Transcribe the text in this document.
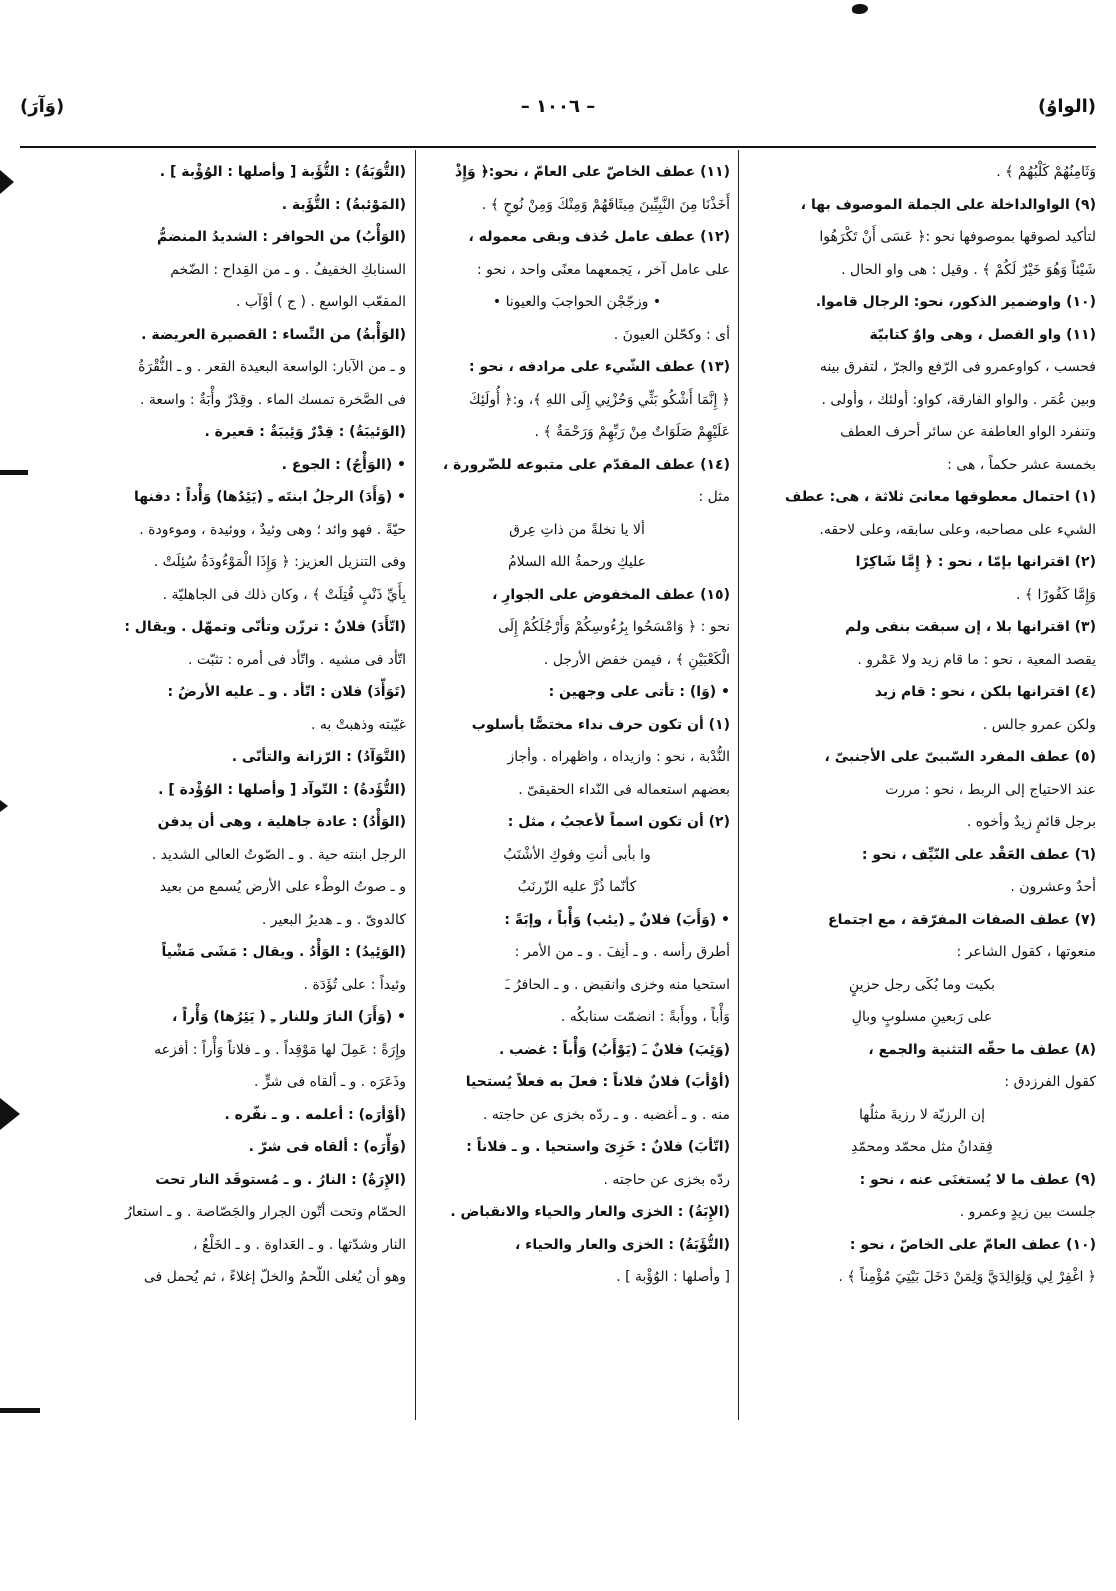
(الواوُ)
– ١٠٠٦ –
(وَآرَ)

وَثَامِنُهُمْ كَلْبُهُمْ ﴾ .

(٩) الواوالداخلة على الجملة الموصوف بها ،

لتأكيد لصوقها بموصوفها نحو :﴿ عَسَى أَنْ تَكْرَهُوا

شَيْئاً وَهُوَ خَيْرٌ لَكُمْ ﴾ . وقيل : هى واو الحال .

(١٠) واوضمير الذكور، نحو: الرجال قاموا.

(١١) واو الفصل ، وهى واوٌ كتابيّة

فحسب ، كواوعمرو فى الرّفع والجرّ ، لتفرق بينه

وبين عُمَر . والواو الفارقة، كواو: أولئك ، وأولى .

وتنفرد الواو العاطفة عن سائر أحرف العطف

بخمسة عشر حكماً ، هى :

(١) احتمال معطوفها معانىَ ثلاثة ، هى: عطف

الشيء على مصاحبه، وعلى سابقه، وعلى لاحقه.

(٢) اقترانها بإمّا ، نحو : ﴿ إِمَّا شَاكِرًا

وَإِمَّا كَفُورًا ﴾ .

(٣) اقترانها بلا ، إن سبقت بنفى ولم

يقصد المعية ، نحو : ما قام زيد ولا عَمْرو .

(٤) اقترانها بلكن ، نحو : قام زيد

ولكن عمرو جالس .

(٥) عطف المفرد السّببىّ على الأجنبىّ ،

عند الاحتياج إلى الربط ، نحو : مررت

برجل قائمٍ زيدٌ وأخوه .

(٦) عطف العَقْد على النّيِّف ، نحو :

أحدٌ وعشرون .

(٧) عطف الصفات المفرّقة ، مع اجتماع

منعوتها ، كقول الشاعر :

بكيت وما بُكَى رجل حزينٍ

على رَبعينِ مسلوبٍ وبالِ

(٨) عطف ما حقّه التثنية والجمع ،

كقول الفرزدق :

إن الرزيّة لا رزيةَ مثلُها

فِقدانُ مثل محمّد ومحمّدِ

(٩) عطف ما لا يُستغنَى عنه ، نحو :

جلست بين زيدٍ وعمرو .

(١٠) عطف العامّ على الخاصّ ، نحو :

﴿ اغْفِرْ لِي وَلِوَالِدَيَّ وَلِمَنْ دَخَلَ بَيْتِيَ مُؤْمِناً ﴾ .

(١١) عطف الخاصّ على العامّ ، نحو:﴿ وَإِذْ

أَخَذْنَا مِنَ النَّبِيِّينَ مِيثَاقَهُمْ وَمِنْكَ وَمِنْ نُوحٍ ﴾ .

(١٢) عطف عامل حُذف وبقى معموله ،

على عامل آخر ، يَجمعهما معنًى واحد ، نحو :

• وزجّجْن الحواجبَ والعيونا •

أى : وكحّلن العيونَ .

(١٣) عطف الشّيء على مرادفه ، نحو :

﴿ إِنَّمَا أَشْكُو بَثِّي وَحُزْنِي إِلَى اللهِ ﴾، و:﴿ أُولَئِكَ

عَلَيْهِمْ صَلَوَاتٌ مِنْ رَبِّهِمْ وَرَحْمَةٌ ﴾ .

(١٤) عطف المقدّم على متبوعه للضّرورة ،

مثل :

ألا يا نخلةً من ذاتِ عِرق

عليكِ ورحمةُ الله السلامُ

(١٥) عطف المخفوض على الجوارِ ،

نحو : ﴿ وَامْسَحُوا بِرُءُوسِكُمْ وَأَرْجُلَكُمْ إِلَى

الْكَعْبَيْنِ ﴾ ، فيمن خفض الأرجل .

• (وَا) : تأتى على وجهين :

(١) أن تكون حرف نداء مختصًّا بأسلوب

النُّدْبة ، نحو : وازيداه ، واظهراه . وأجاز

بعضهم استعماله فى النّداء الحقيقىّ .

(٢) أن تكون اسماً لأعجبُ ، مثل :

وا بأبى أنتِ وفوكِ الأشْنَبُ

كأنّما ذُرَّ عليه الزّرنَبُ

• (وَأَبَ) فلانٌ ـِ (يئب) وَأْباً ، وإبَةً :

أطرق رأسه . و ـ أنِفَ . و ـ من الأمر :

استحيا منه وخزى وانقبض . و ـ الحافرُ ـَ

وَأْباً ، ووأَبةً : انضمّت سنابكُه .

(وَئِبَ) فلانٌ ـَ (يَوْأَبُ) وَأْباً : غضب .

(أوْأبَ) فلانٌ فلاناً : فعلَ به فعلاً يُستحيا

منه . و ـ أغضبه . و ـ ردّه بخزى عن حاجته .

(اتّأبَ) فلانٌ : خَزِىَ واستحيا . و ـ فلاناً :

ردّه بخزى عن حاجته .

(الإِبَةُ) : الخزى والعار والحياء والانقباض .

(التُّؤَبَةُ) : الخزى والعار والحياء ،

[ وأصلها : الوُؤْبة ] .

(التُّوَبَةُ) : التُّؤَبة [ وأصلها : الوُؤْبة ] .

(المَوْئبةُ) : التُّؤَبة .

(الوَأْبُ) من الحوافر : الشديدُ المنضمُّ

السنابكِ الخفيفُ . و ـ من القِداح : الضّخم

المقعّب الواسع . ( ج ) أوْآب .

(الوَأْبةُ) من النِّساء : القصيرة العريضة .

و ـ من الآبار: الواسعة البعيدة القعر . و ـ النُّقْرَةُ

فى الصَّخرة تمسك الماء . وقِدْرٌ وأْبَةٌ : واسعة .

(الوَئيبَةُ) : قِدْرٌ وَئِيبَةٌ : قعيرة .

• (الوَأْجُ) : الجوع .

• (وَأَدَ) الرجلُ ابنتَه ـِ (يَئِدُها) وَأْداً : دفنها

حيّةً . فهو وائد ؛ وهى وئيدٌ ، ووئيدة ، وموءودة .

وفى التنزيل العزيز: ﴿ وَإِذَا الْمَوْءُودَةُ سُئِلَتْ .

بِأَيِّ ذَنْبٍ قُتِلَتْ ﴾ ، وكان ذلك فى الجاهليّة .

(اتّأَدَ) فلانٌ : ترزّن وتأنّى وتمهّل . ويقال :

اتّأد فى مشيه . واتّأد فى أمره : تثبّت .

(تَوَأّدَ) فلان : اتّأد . و ـ عليه الأرضُ :

غيّبته وذهبتْ به .

(التَّوَآدُ) : الرّزانة والتأنّى .

(التُّؤَدةُ) : التّوآد [ وأصلها : الوُؤْدة ] .

(الوَأْدُ) : عادة جاهلية ، وهى أن يدفن

الرجل ابنته حية . و ـ الصّوتُ العالى الشديد .

و ـ صوتُ الوطْء على الأرض يُسمع من بعيد

كالدوىّ . و ـ هديرُ البعير .

(الوَئِيدُ) : الوَأْدُ . ويقال : مَشَى مَشْياً

وئيداً : على تُؤَدَة .

• (وَأَرَ) النارَ وللنار ـِ ( يَئِرُها) وَأْراً ،

وإِرَةً : عَمِلَ لها مَوْقِداً . و ـ فلاناً وَأْراً : أفزعه

وذَعَرَه . و ـ ألقاه فى شرٍّ .

(أوْأرَه) : أعلمه . و ـ نفّره .

(وَأّرَه) : ألقاه فى شرّ .

(الإِرَةُ) : النارُ . و ـ مُستوقَد النار تحت

الحمّام وتحت أتّون الجرار والجَصّاصة . و ـ استعارُ

النار وشدّتها . و ـ العَداوة . و ـ الخَلْعُ ،

وهو أن يُغلى اللّحمُ والخلّ إغلاءً ، ثم يُحمل فى
